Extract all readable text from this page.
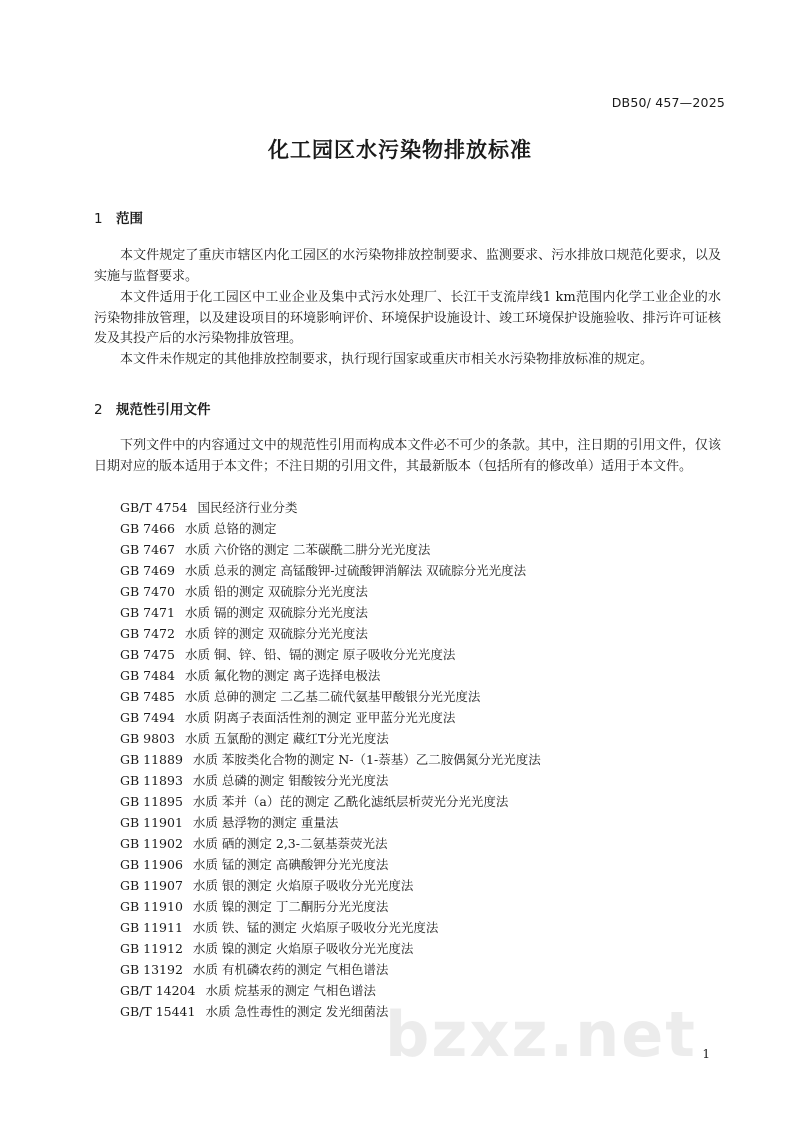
DB50/ 457—2025
化工园区水污染物排放标准
1 范围

本文件规定了重庆市辖区内化工园区的水污染物排放控制要求、监测要求、污水排放口规范化要求，以及实施与监督要求。

本文件适用于化工园区中工业企业及集中式污水处理厂、长江干支流岸线1 km范围内化学工业企业的水污染物排放管理，以及建设项目的环境影响评价、环境保护设施设计、竣工环境保护设施验收、排污许可证核发及其投产后的水污染物排放管理。

本文件未作规定的其他排放控制要求，执行现行国家或重庆市相关水污染物排放标准的规定。

2 规范性引用文件

下列文件中的内容通过文中的规范性引用而构成本文件必不可少的条款。其中，注日期的引用文件，仅该日期对应的版本适用于本文件；不注日期的引用文件，其最新版本（包括所有的修改单）适用于本文件。

GB/T 4754 国民经济行业分类
GB 7466 水质 总铬的测定
GB 7467 水质 六价铬的测定 二苯碳酰二肼分光光度法
GB 7469 水质 总汞的测定 高锰酸钾-过硫酸钾消解法 双硫腙分光光度法
GB 7470 水质 铅的测定 双硫腙分光光度法
GB 7471 水质 镉的测定 双硫腙分光光度法
GB 7472 水质 锌的测定 双硫腙分光光度法
GB 7475 水质 铜、锌、铅、镉的测定 原子吸收分光光度法
GB 7484 水质 氟化物的测定 离子选择电极法
GB 7485 水质 总砷的测定 二乙基二硫代氨基甲酸银分光光度法
GB 7494 水质 阴离子表面活性剂的测定 亚甲蓝分光光度法
GB 9803 水质 五氯酚的测定 藏红T分光光度法
GB 11889 水质 苯胺类化合物的测定 N-（1-萘基）乙二胺偶氮分光光度法
GB 11893 水质 总磷的测定 钼酸铵分光光度法
GB 11895 水质 苯并（a）芘的测定 乙酰化滤纸层析荧光分光光度法
GB 11901 水质 悬浮物的测定 重量法
GB 11902 水质 硒的测定 2,3-二氨基萘荧光法
GB 11906 水质 锰的测定 高碘酸钾分光光度法
GB 11907 水质 银的测定 火焰原子吸收分光光度法
GB 11910 水质 镍的测定 丁二酮肟分光光度法
GB 11911 水质 铁、锰的测定 火焰原子吸收分光光度法
GB 11912 水质 镍的测定 火焰原子吸收分光光度法
GB 13192 水质 有机磷农药的测定 气相色谱法
GB/T 14204 水质 烷基汞的测定 气相色谱法
GB/T 15441 水质 急性毒性的测定 发光细菌法
1
bzxz.net
